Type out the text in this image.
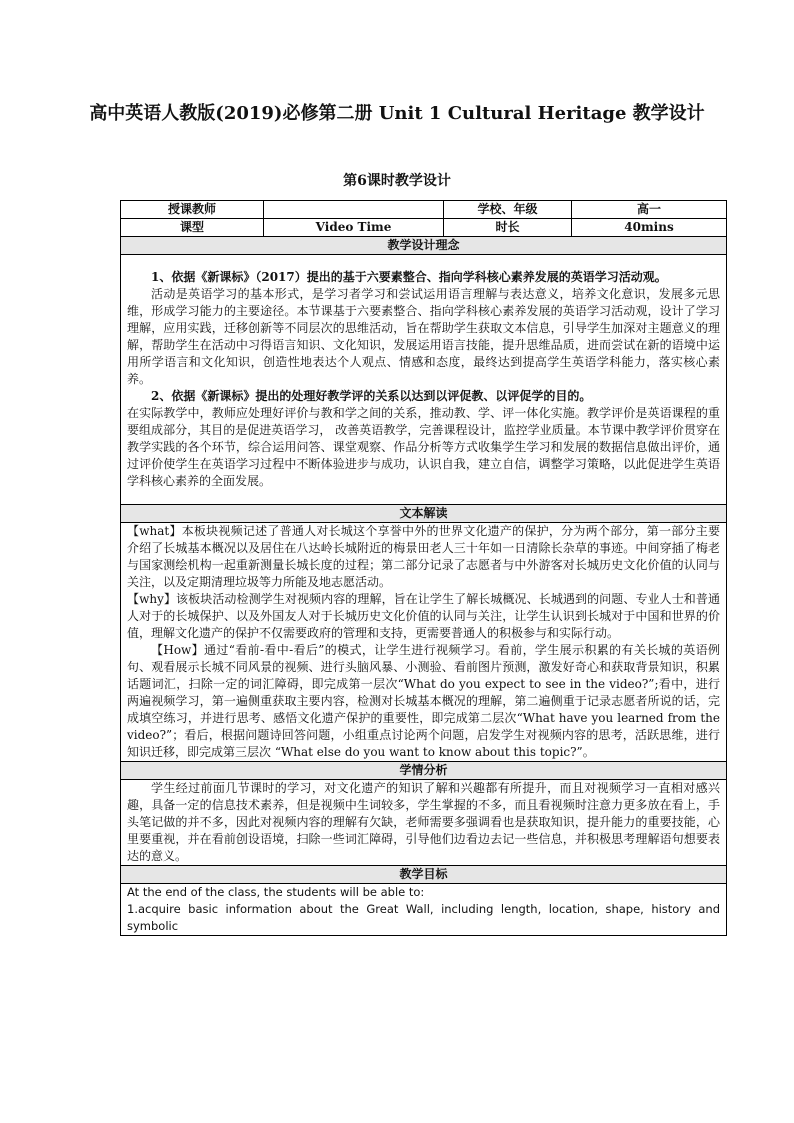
高中英语人教版(2019)必修第二册 Unit 1 Cultural Heritage 教学设计
第6课时教学设计
授课教师		学校、年级	高一
课型	Video Time	时长	40mins
教学设计理念			

1、依据《新课标》（2017）提出的基于六要素整合、指向学科核心素养发展的英语学习活动观。

活动是英语学习的基本形式，是学习者学习和尝试运用语言理解与表达意义，培养文化意识，发展多元思维，形成学习能力的主要途径。本节课基于六要素整合、指向学科核心素养发展的英语学习活动观，设计了学习理解，应用实践，迁移创新等不同层次的思维活动，旨在帮助学生获取文本信息，引导学生加深对主题意义的理解，帮助学生在活动中习得语言知识、文化知识，发展运用语言技能，提升思维品质，进而尝试在新的语境中运用所学语言和文化知识，创造性地表达个人观点、情感和态度，最终达到提高学生英语学科能力，落实核心素养。

2、依据《新课标》提出的处理好教学评的关系以达到以评促教、以评促学的目的。

在实际教学中，教师应处理好评价与教和学之间的关系，推动教、学、评一体化实施。教学评价是英语课程的重要组成部分，其目的是促进英语学习， 改善英语教学，完善课程设计，监控学业质量。本节课中教学评价贯穿在教学实践的各个环节，综合运用问答、课堂观察、作品分析等方式收集学生学习和发展的数据信息做出评价，通过评价使学生在英语学习过程中不断体验进步与成功，认识自我，建立自信，调整学习策略，以此促进学生英语学科核心素养的全面发展。			

文本解读			

【what】本板块视频记述了普通人对长城这个享誉中外的世界文化遗产的保护，分为两个部分，第一部分主要介绍了长城基本概况以及居住在八达岭长城附近的梅景田老人三十年如一日清除长杂草的事迹。中间穿插了梅老与国家测绘机构一起重新测量长城长度的过程；第二部分记录了志愿者与中外游客对长城历史文化价值的认同与关注，以及定期清理垃圾等力所能及地志愿活动。

【why】该板块活动检测学生对视频内容的理解，旨在让学生了解长城概况、长城遇到的问题、专业人士和普通人对于的长城保护、以及外国友人对于长城历史文化价值的认同与关注，让学生认识到长城对于中国和世界的价值，理解文化遗产的保护不仅需要政府的管理和支持，更需要普通人的积极参与和实际行动。

【How】通过“看前-看中-看后”的模式，让学生进行视频学习。看前，学生展示积累的有关长城的英语例句、观看展示长城不同风景的视频、进行头脑风暴、小测验、看前图片预测，激发好奇心和获取背景知识，积累话题词汇，扫除一定的词汇障碍，即完成第一层次“What do you expect to see in the video?”;看中，进行两遍视频学习，第一遍侧重获取主要内容，检测对长城基本概况的理解，第二遍侧重于记录志愿者所说的话，完成填空练习，并进行思考、感悟文化遗产保护的重要性，即完成第二层次“What have you learned from the video?”；看后，根据问题诗回答问题，小组重点讨论两个问题，启发学生对视频内容的思考，活跃思维，进行知识迁移，即完成第三层次 “What else do you want to know about this topic?”。			

学情分析			

学生经过前面几节课时的学习，对文化遗产的知识了解和兴趣都有所提升，而且对视频学习一直相对感兴趣，具备一定的信息技术素养，但是视频中生词较多，学生掌握的不多，而且看视频时注意力更多放在看上，手头笔记做的并不多，因此对视频内容的理解有欠缺，老师需要多强调看也是获取知识，提升能力的重要技能，心里要重视，并在看前创设语境，扫除一些词汇障碍，引导他们边看边去记一些信息，并积极思考理解语句想要表达的意义。			

教学目标			

At the end of the class, the students will be able to:

1.acquire basic information about the Great Wall, including length, location, shape, history and symbolic			
